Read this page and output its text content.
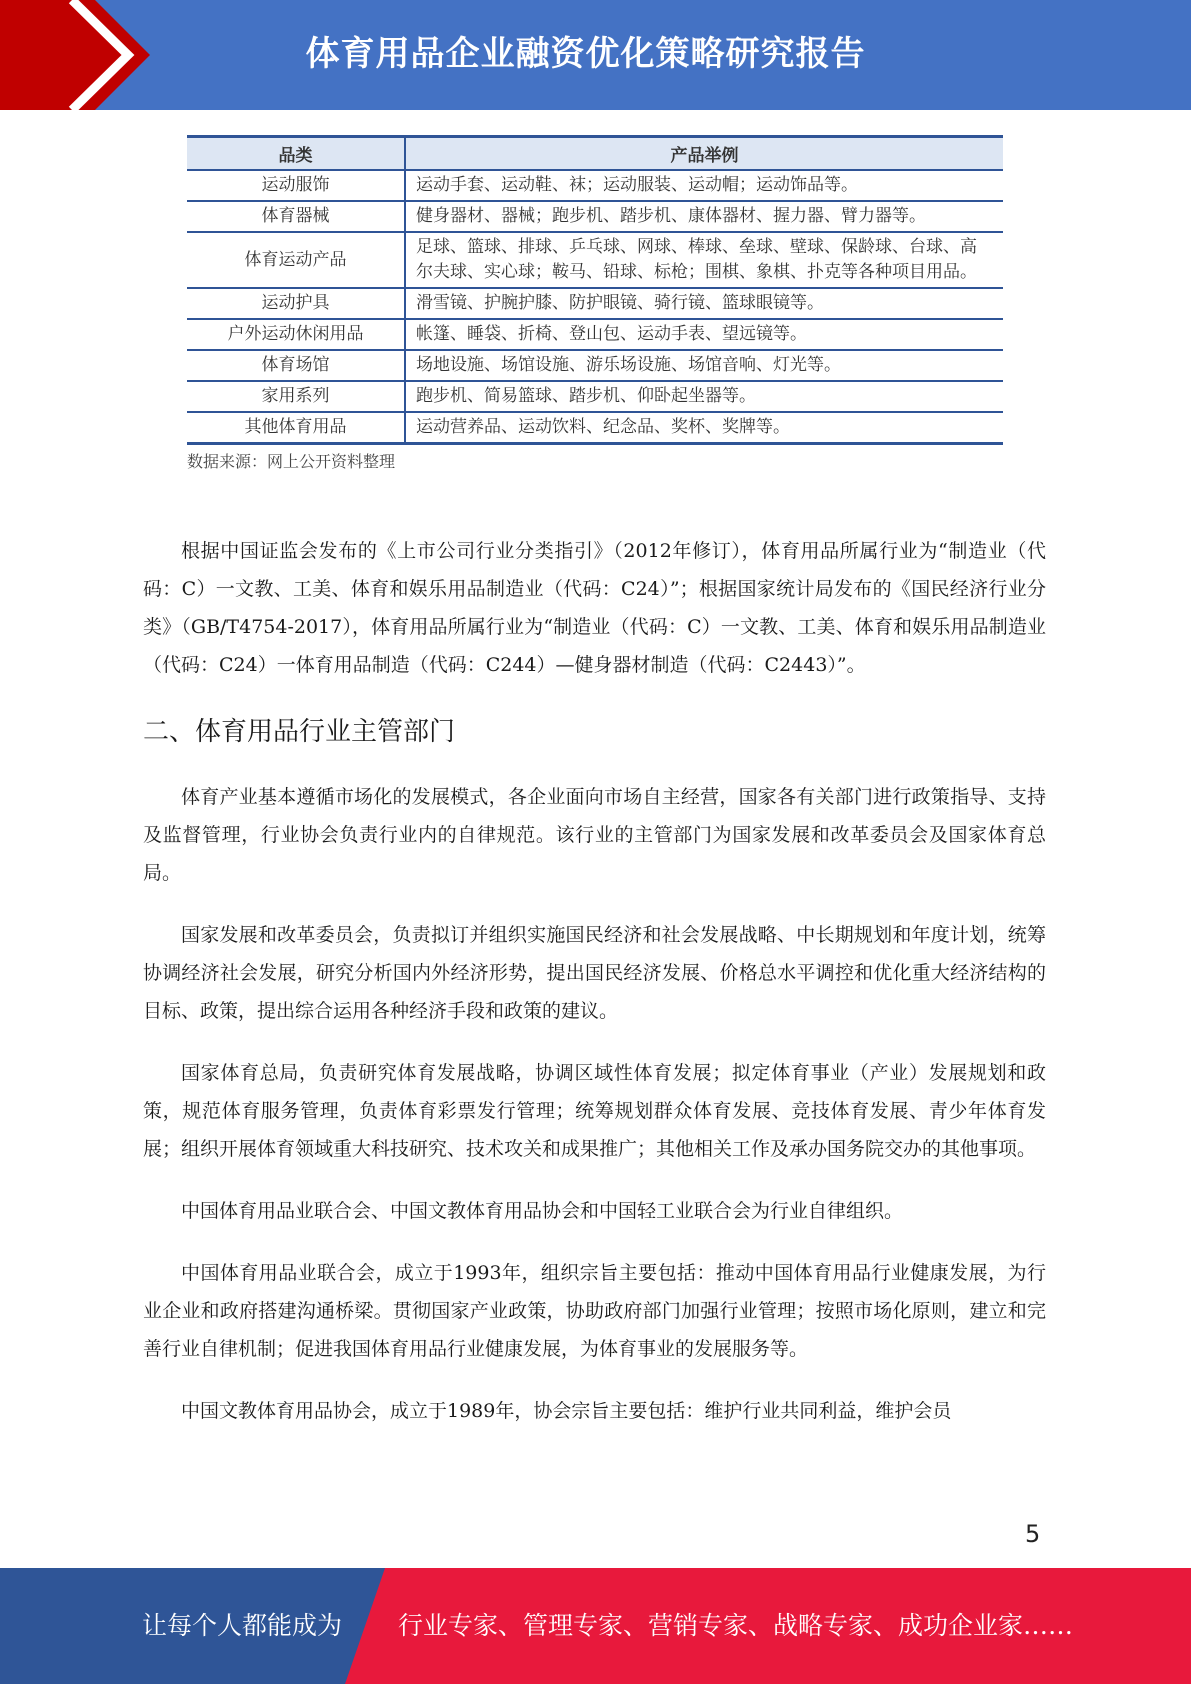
体育用品企业融资优化策略研究报告
品类	产品举例
运动服饰	运动手套、运动鞋、袜；运动服装、运动帽；运动饰品等。
体育器械	健身器材、器械；跑步机、踏步机、康体器材、握力器、臂力器等。
体育运动产品	足球、篮球、排球、乒乓球、网球、棒球、垒球、壁球、保龄球、台球、高尔夫球、实心球；鞍马、铅球、标枪；围棋、象棋、扑克等各种项目用品。
运动护具	滑雪镜、护腕护膝、防护眼镜、骑行镜、篮球眼镜等。
户外运动休闲用品	帐篷、睡袋、折椅、登山包、运动手表、望远镜等。
体育场馆	场地设施、场馆设施、游乐场设施、场馆音响、灯光等。
家用系列	跑步机、简易篮球、踏步机、仰卧起坐器等。
其他体育用品	运动营养品、运动饮料、纪念品、奖杯、奖牌等。
数据来源：网上公开资料整理

根据中国证监会发布的《上市公司行业分类指引》（2012年修订），体育用品所属行业为“制造业（代码：C）一文教、工美、体育和娱乐用品制造业（代码：C24）”；根据国家统计局发布的《国民经济行业分类》（GB/T4754-2017），体育用品所属行业为“制造业（代码：C）一文教、工美、体育和娱乐用品制造业（代码：C24）一体育用品制造（代码：C244）—健身器材制造（代码：C2443）”。

二、体育用品行业主管部门

体育产业基本遵循市场化的发展模式，各企业面向市场自主经营，国家各有关部门进行政策指导、支持及监督管理，行业协会负责行业内的自律规范。该行业的主管部门为国家发展和改革委员会及国家体育总局。

国家发展和改革委员会，负责拟订并组织实施国民经济和社会发展战略、中长期规划和年度计划，统筹协调经济社会发展，研究分析国内外经济形势，提出国民经济发展、价格总水平调控和优化重大经济结构的目标、政策，提出综合运用各种经济手段和政策的建议。

国家体育总局，负责研究体育发展战略，协调区域性体育发展；拟定体育事业（产业）发展规划和政策，规范体育服务管理，负责体育彩票发行管理；统筹规划群众体育发展、竞技体育发展、青少年体育发展；组织开展体育领域重大科技研究、技术攻关和成果推广；其他相关工作及承办国务院交办的其他事项。

中国体育用品业联合会、中国文教体育用品协会和中国轻工业联合会为行业自律组织。

中国体育用品业联合会，成立于1993年，组织宗旨主要包括：推动中国体育用品行业健康发展，为行业企业和政府搭建沟通桥梁。贯彻国家产业政策，协助政府部门加强行业管理；按照市场化原则，建立和完善行业自律机制；促进我国体育用品行业健康发展，为体育事业的发展服务等。

中国文教体育用品协会，成立于1989年，协会宗旨主要包括：维护行业共同利益，维护会员

5
让每个人都能成为 行业专家、管理专家、营销专家、战略专家、成功企业家……
